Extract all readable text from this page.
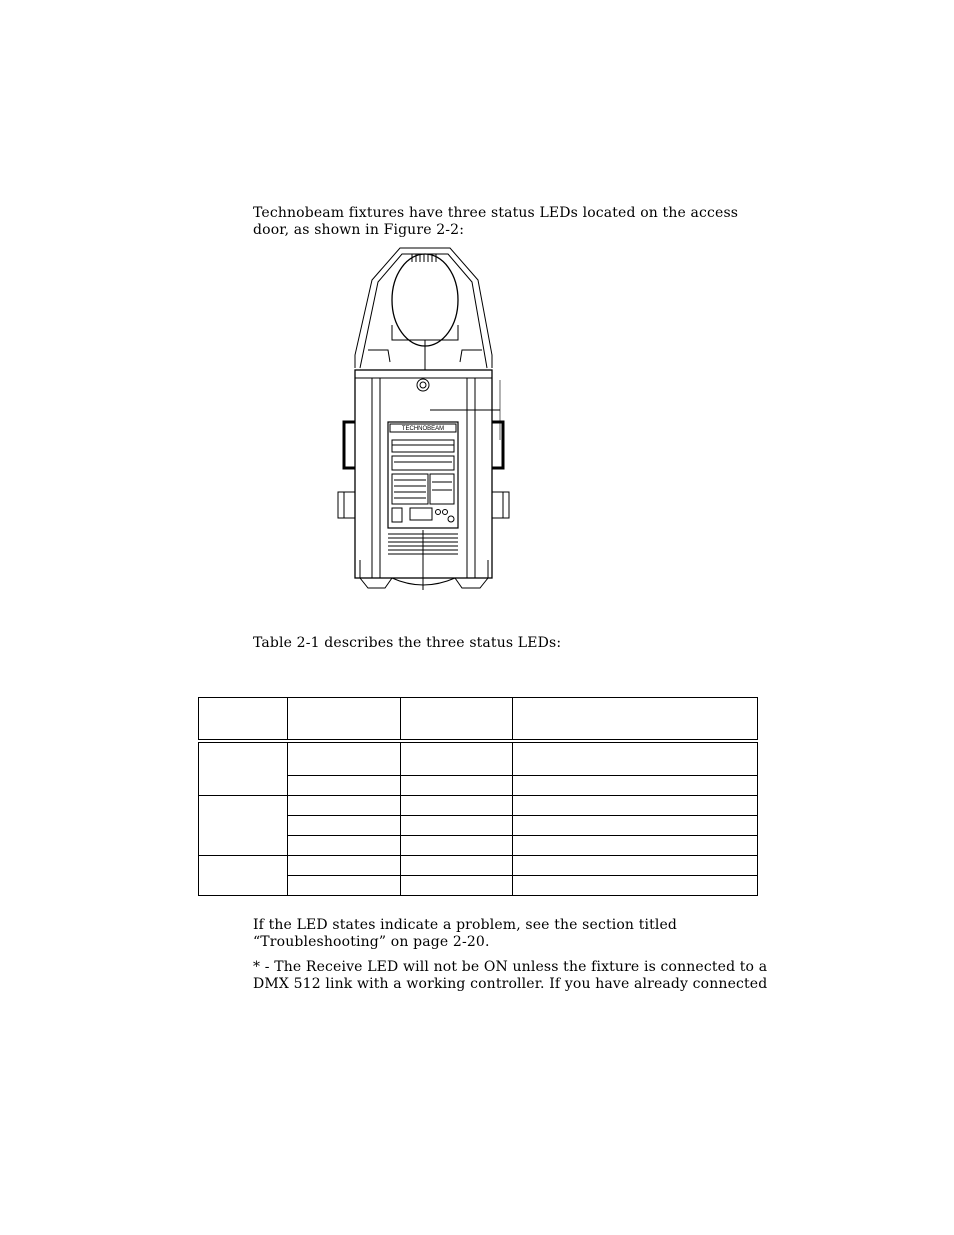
Technobeam fixtures have three status LEDs located on the access
door, as shown in Figure 2-2:

TECHNOBEAM

Table 2-1 describes the three status LEDs:

If the LED states indicate a problem, see the section titled
“Troubleshooting” on page 2-20.

* - The Receive LED will not be ON unless the fixture is connected to a
DMX 512 link with a working controller. If you have already connected
